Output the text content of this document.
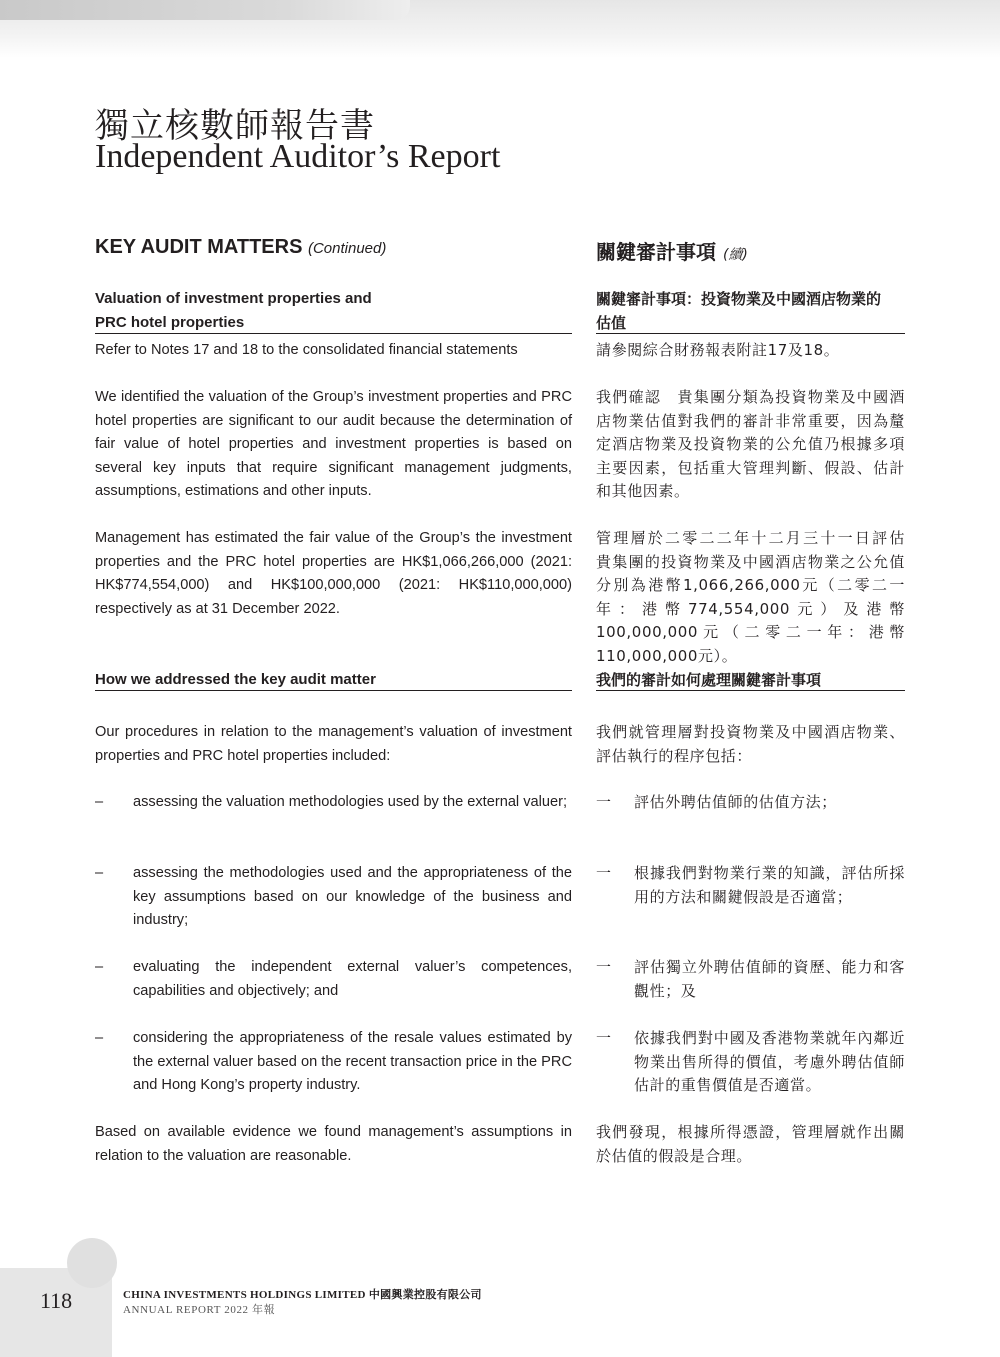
獨立核數師報告書
Independent Auditor’s Report
KEY AUDIT MATTERS (Continued)	關鍵審計事項 (續)
Valuation of investment properties and
PRC hotel properties
關鍵審計事項：投資物業及中國酒店物業的
估值
Refer to Notes 17 and 18 to the consolidated financial statements	請參閱綜合財務報表附註17及18。
We identified the valuation of the Group’s investment properties and PRC hotel properties are significant to our audit because the determination of fair value of hotel properties and investment properties is based on several key inputs that require significant management judgments, assumptions, estimations and other inputs.
我們確認　貴集團分類為投資物業及中國酒店物業估值對我們的審計非常重要，因為釐定酒店物業及投資物業的公允值乃根據多項主要因素，包括重大管理判斷、假設、估計和其他因素。
Management has estimated the fair value of the Group’s the investment properties and the PRC hotel properties are HK$1,066,266,000 (2021: HK$774,554,000) and HK$100,000,000 (2021: HK$110,000,000) respectively as at 31 December 2022.
管理層於二零二二年十二月三十一日評估　貴集團的投資物業及中國酒店物業之公允值分別為港幣1,066,266,000元（二零二一年：港幣774,554,000元）及港幣100,000,000元（二零二一年：港幣110,000,000元）。
How we addressed the key audit matter	我們的審計如何處理關鍵審計事項
Our procedures in relation to the management’s valuation of investment properties and PRC hotel properties included:
我們就管理層對投資物業及中國酒店物業、評估執行的程序包括：
– assessing the valuation methodologies used by the external valuer;	一 評估外聘估值師的估值方法；
– assessing the methodologies used and the appropriateness of the key assumptions based on our knowledge of the business and industry;
一 根據我們對物業行業的知識，評估所採用的方法和關鍵假設是否適當；
– evaluating the independent external valuer’s competences, capabilities and objectively; and
一 評估獨立外聘估值師的資歷、能力和客觀性；及
– considering the appropriateness of the resale values estimated by the external valuer based on the recent transaction price in the PRC and Hong Kong’s property industry.
一 依據我們對中國及香港物業就年內鄰近物業出售所得的價值，考慮外聘估值師估計的重售價值是否適當。
Based on available evidence we found management’s assumptions in relation to the valuation are reasonable.
我們發現，根據所得憑證，管理層就作出關於估值的假設是合理。
118	CHINA INVESTMENTS HOLDINGS LIMITED 中國興業控股有限公司
ANNUAL REPORT 2022 年報
